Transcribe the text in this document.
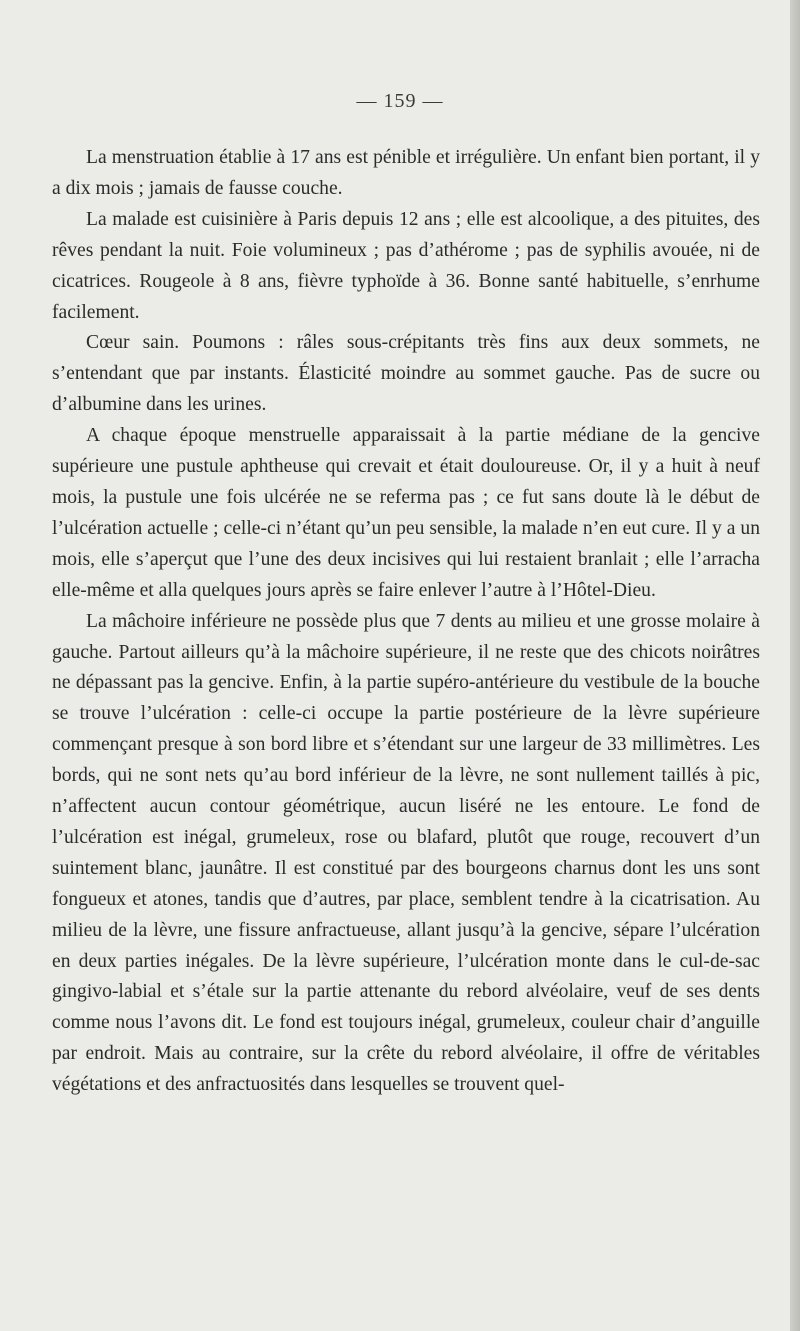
— 159 —

La menstruation établie à 17 ans est pénible et irrégulière. Un enfant bien portant, il y a dix mois ; jamais de fausse couche.

La malade est cuisinière à Paris depuis 12 ans ; elle est alcoolique, a des pituites, des rêves pendant la nuit. Foie volumineux ; pas d’athérome ; pas de syphilis avouée, ni de cicatrices. Rougeole à 8 ans, fièvre typhoïde à 36. Bonne santé habituelle, s’enrhume facilement.

Cœur sain. Poumons : râles sous-crépitants très fins aux deux sommets, ne s’entendant que par instants. Élasticité moindre au sommet gauche. Pas de sucre ou d’albumine dans les urines.

A chaque époque menstruelle apparaissait à la partie médiane de la gencive supérieure une pustule aphtheuse qui crevait et était douloureuse. Or, il y a huit à neuf mois, la pustule une fois ulcérée ne se referma pas ; ce fut sans doute là le début de l’ulcération actuelle ; celle-ci n’étant qu’un peu sensible, la malade n’en eut cure. Il y a un mois, elle s’aperçut que l’une des deux incisives qui lui restaient branlait ; elle l’arracha elle-même et alla quelques jours après se faire enlever l’autre à l’Hôtel-Dieu.

La mâchoire inférieure ne possède plus que 7 dents au milieu et une grosse molaire à gauche. Partout ailleurs qu’à la mâchoire supérieure, il ne reste que des chicots noirâtres ne dépassant pas la gencive. Enfin, à la partie supéro-antérieure du vestibule de la bouche se trouve l’ulcération : celle-ci occupe la partie postérieure de la lèvre supérieure commençant presque à son bord libre et s’étendant sur une largeur de 33 millimètres. Les bords, qui ne sont nets qu’au bord inférieur de la lèvre, ne sont nullement taillés à pic, n’affectent aucun contour géométrique, aucun liséré ne les entoure. Le fond de l’ulcération est inégal, grumeleux, rose ou blafard, plutôt que rouge, recouvert d’un suintement blanc, jaunâtre. Il est constitué par des bourgeons charnus dont les uns sont fongueux et atones, tandis que d’autres, par place, semblent tendre à la cicatrisation. Au milieu de la lèvre, une fissure anfractueuse, allant jusqu’à la gencive, sépare l’ulcération en deux parties inégales. De la lèvre supérieure, l’ulcération monte dans le cul-de-sac gingivo-labial et s’étale sur la partie attenante du rebord alvéolaire, veuf de ses dents comme nous l’avons dit. Le fond est toujours inégal, grumeleux, couleur chair d’anguille par endroit. Mais au contraire, sur la crête du rebord alvéolaire, il offre de véritables végétations et des anfractuosités dans lesquelles se trouvent quel-
